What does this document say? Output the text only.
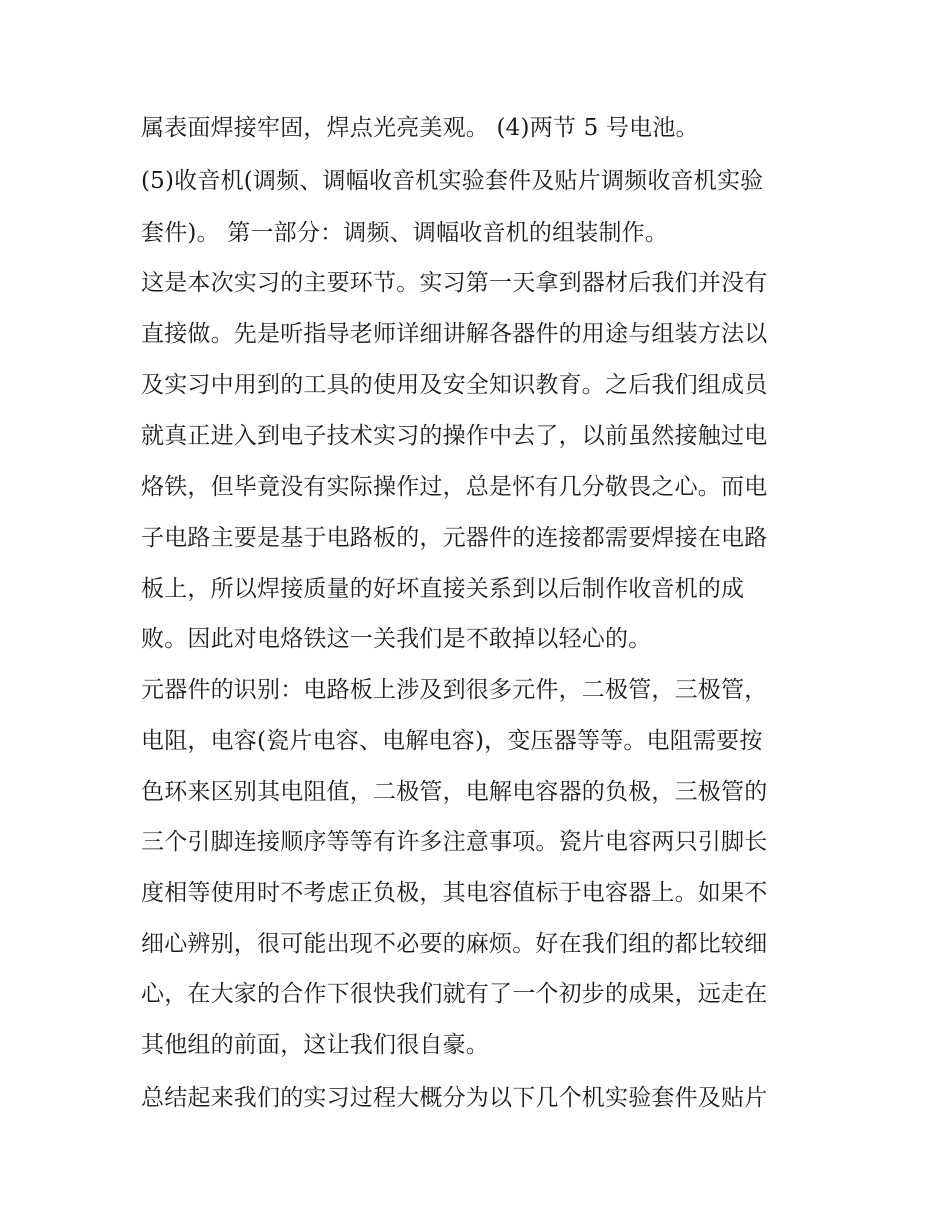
属表面焊接牢固，焊点光亮美观。 (4)两节 5 号电池。
(5)收音机(调频、调幅收音机实验套件及贴片调频收音机实验
套件)。 第一部分：调频、调幅收音机的组装制作。
这是本次实习的主要环节。实习第一天拿到器材后我们并没有
直接做。先是听指导老师详细讲解各器件的用途与组装方法以
及实习中用到的工具的使用及安全知识教育。之后我们组成员
就真正进入到电子技术实习的操作中去了，以前虽然接触过电
烙铁，但毕竟没有实际操作过，总是怀有几分敬畏之心。而电
子电路主要是基于电路板的，元器件的连接都需要焊接在电路
板上，所以焊接质量的好坏直接关系到以后制作收音机的成
败。因此对电烙铁这一关我们是不敢掉以轻心的。
元器件的识别：电路板上涉及到很多元件，二极管，三极管，
电阻，电容(瓷片电容、电解电容)，变压器等等。电阻需要按
色环来区别其电阻值，二极管，电解电容器的负极，三极管的
三个引脚连接顺序等等有许多注意事项。瓷片电容两只引脚长
度相等使用时不考虑正负极，其电容值标于电容器上。如果不
细心辨别，很可能出现不必要的麻烦。好在我们组的都比较细
心，在大家的合作下很快我们就有了一个初步的成果，远走在
其他组的前面，这让我们很自豪。
总结起来我们的实习过程大概分为以下几个机实验套件及贴片
